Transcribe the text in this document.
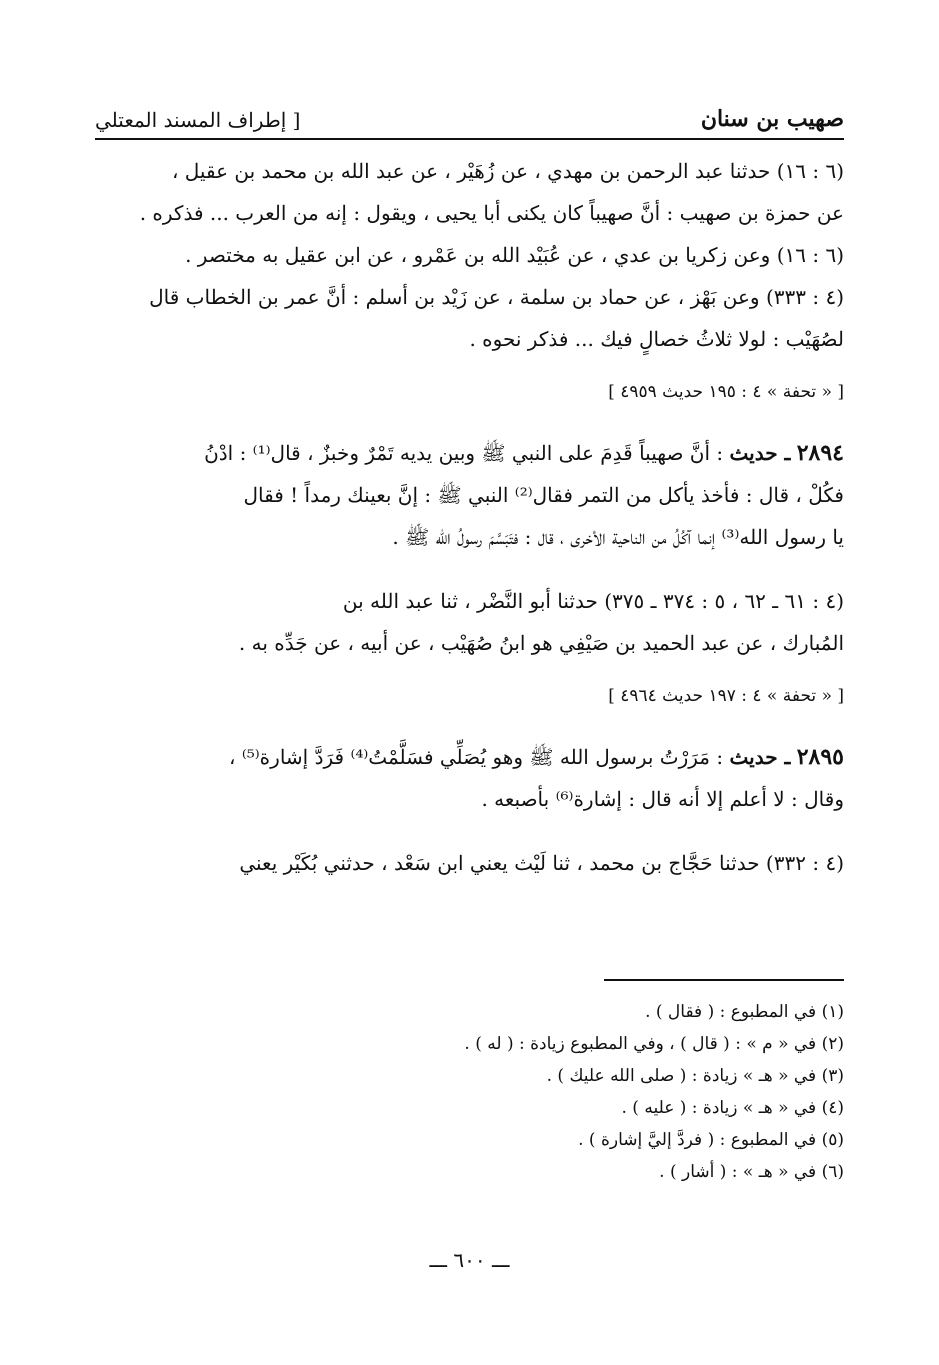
صهيب بن سنان
[ إطراف المسند المعتلي

(٦ : ١٦) حدثنا عبد الرحمن بن مهدي ، عن زُهَيْر ، عن عبد الله بن محمد بن عقيل ،

عن حمزة بن صهيب : أنَّ صهيباً كان يكنى أبا يحيى ، ويقول : إنه من العرب ... فذكره .

(٦ : ١٦) وعن زكريا بن عدي ، عن عُبَيْد الله بن عَمْرو ، عن ابن عقيل به مختصر .

(٤ : ٣٣٣) وعن بَهْز ، عن حماد بن سلمة ، عن زَيْد بن أسلم : أنَّ عمر بن الخطاب قال

لصُهَيْب : لولا ثلاثُ خصالٍ فيك ... فذكر نحوه .

[ « تحفة » ٤ : ١٩٥ حديث ٤٩٥٩ ]

٢٨٩٤ ـ حديث : أنَّ صهيباً قَدِمَ على النبي ﷺ وبين يديه تَمْرٌ وخبزٌ ، قال⁽¹⁾ : ادْنُ

فكُلْ ، قال : فأخذ يأكل من التمر فقال⁽²⁾ النبي ﷺ : إنَّ بعينك رمداً ! فقال

يا رسول الله⁽³⁾ إنما آكُلُ من الناحية الأخرى ، قال : فتَبَسَّمَ رسولُ الله ﷺ .

(٤ : ٦١ ـ ٦٢ ، ٥ : ٣٧٤ ـ ٣٧٥) حدثنا أبو النَّضْر ، ثنا عبد الله بن

المُبارك ، عن عبد الحميد بن صَيْفِي هو ابنُ صُهَيْب ، عن أبيه ، عن جَدِّه به .

[ « تحفة » ٤ : ١٩٧ حديث ٤٩٦٤ ]

٢٨٩٥ ـ حديث : مَرَرْتُ برسول الله ﷺ وهو يُصَلِّي فسَلَّمْتُ⁽⁴⁾ فَرَدَّ إشارة⁽⁵⁾ ،

وقال : لا أعلم إلا أنه قال : إشارة⁽⁶⁾ بأصبعه .

(٤ : ٣٣٢) حدثنا حَجَّاج بن محمد ، ثنا لَيْث يعني ابن سَعْد ، حدثني بُكَيْر يعني

(١) في المطبوع : ( فقال ) .
(٢) في « م » : ( قال ) ، وفي المطبوع زيادة : ( له ) .
(٣) في « هـ » زيادة : ( صلى الله عليك ) .
(٤) في « هـ » زيادة : ( عليه ) .
(٥) في المطبوع : ( فردَّ إليَّ إشارة ) .
(٦) في « هـ » : ( أشار ) .
ـــ ٦٠٠ ـــ
